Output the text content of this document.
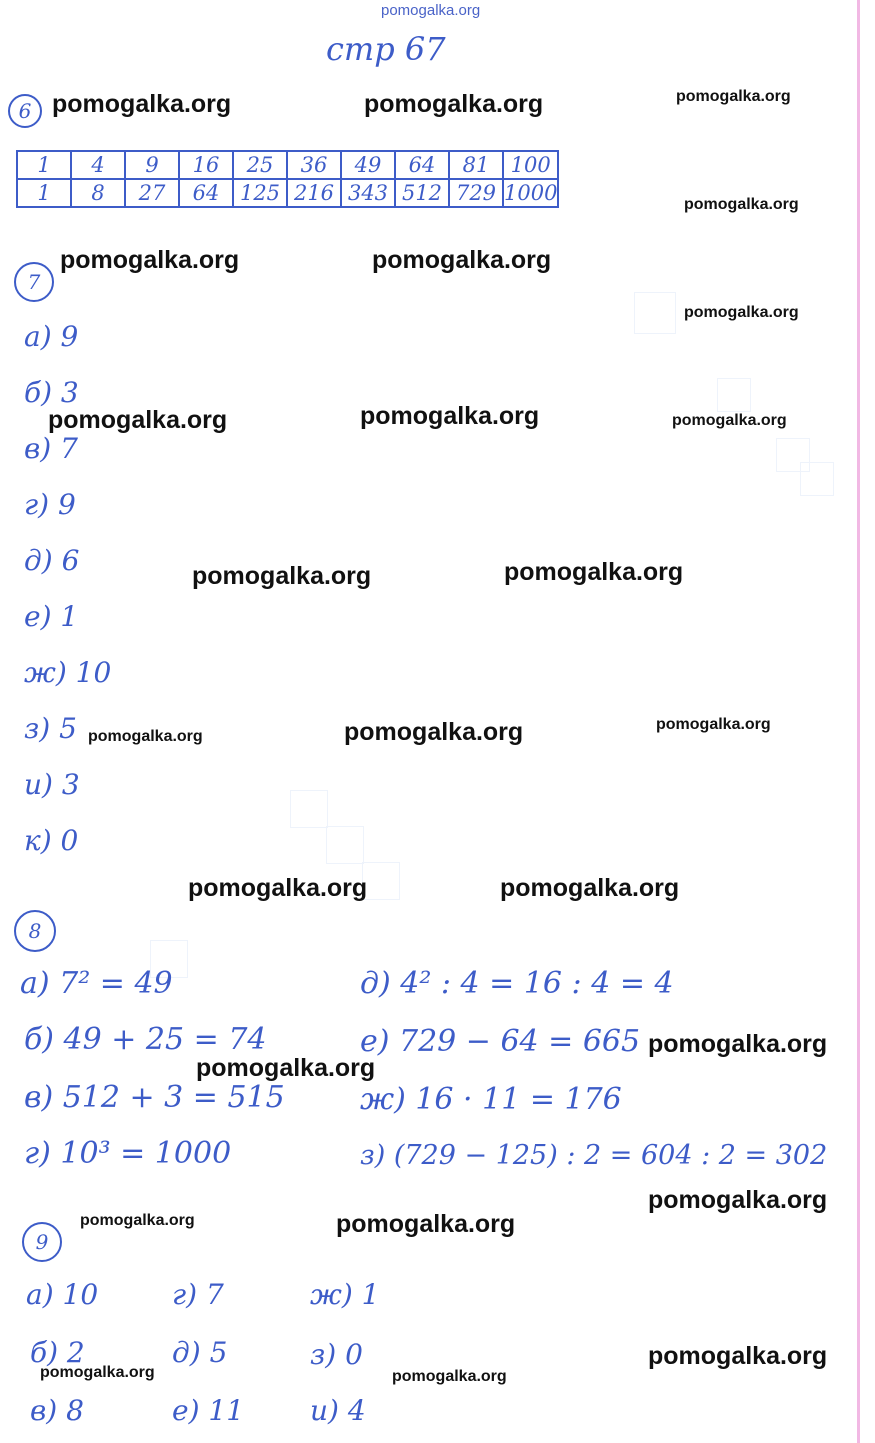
pomogalka.org
стр 67
6
1	4	9	16	25	36	49	64	81	100
1	8	27	64	125	216	343	512	729	1000
7
а) 9
б) 3
в) 7
г) 9
д) 6
е) 1
ж) 10
з) 5
и) 3
к) 0
8
а) 7² = 49
б) 49 + 25 = 74
в) 512 + 3 = 515
г) 10³ = 1000
д) 4² : 4 = 16 : 4 = 4
е) 729 − 64 = 665
ж) 16 · 11 = 176
з) (729 − 125) : 2 = 604 : 2 = 302
9
а) 10
б) 2
в) 8
г) 7
д) 5
е) 11
ж) 1
з) 0
и) 4
pomogalka.org	pomogalka.org	pomogalka.org
pomogalka.org
pomogalka.org	pomogalka.org
pomogalka.org
pomogalka.org	pomogalka.org	pomogalka.org
pomogalka.org	pomogalka.org
pomogalka.org	pomogalka.org	pomogalka.org
pomogalka.org	pomogalka.org
pomogalka.org
pomogalka.org
pomogalka.org
pomogalka.org	pomogalka.org
pomogalka.org
pomogalka.org	pomogalka.org
